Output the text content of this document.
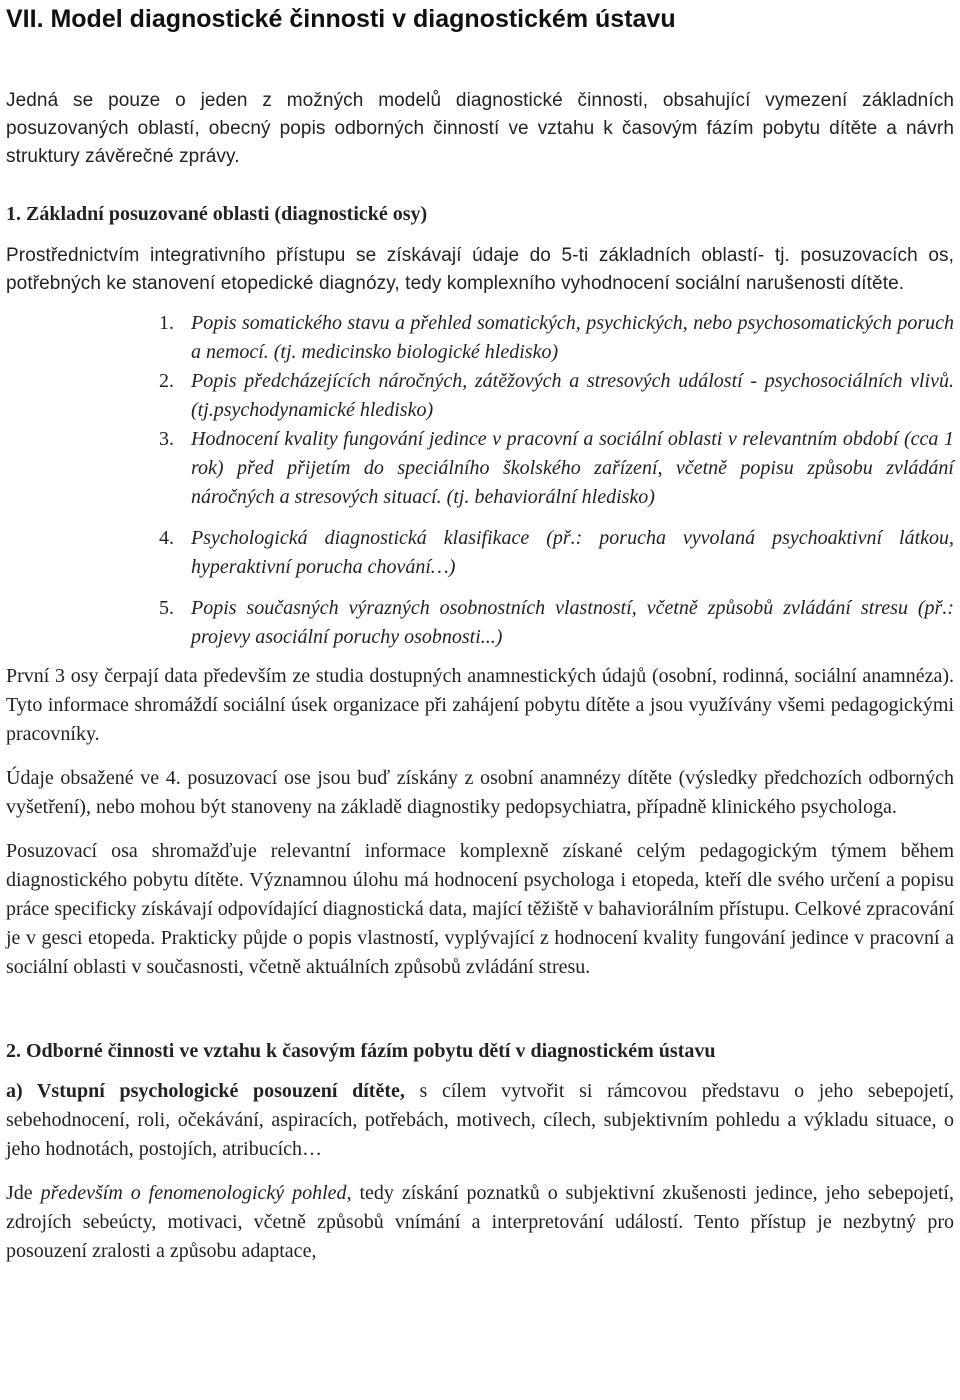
VII. Model diagnostické činnosti v diagnostickém ústavu

Jedná se pouze o jeden z možných modelů diagnostické činnosti, obsahující vymezení základních posuzovaných oblastí, obecný popis odborných činností ve vztahu k časovým fázím pobytu dítěte a návrh struktury závěrečné zprávy.

1. Základní posuzované oblasti (diagnostické osy)

Prostřednictvím integrativního přístupu se získávají údaje do 5-ti základních oblastí- tj. posuzovacích os, potřebných ke stanovení etopedické diagnózy, tedy komplexního vyhodnocení sociální narušenosti dítěte.

1. Popis somatického stavu a přehled somatických, psychických, nebo psychosomatických poruch a nemocí. (tj. medicinsko biologické hledisko)
2. Popis předcházejících náročných, zátěžových a stresových událostí - psychosociálních vlivů. (tj.psychodynamické hledisko)
3. Hodnocení kvality fungování jedince v pracovní a sociální oblasti v relevantním období (cca 1 rok) před přijetím do speciálního školského zařízení, včetně popisu způsobu zvládání náročných a stresových situací. (tj. behaviorální hledisko)
4. Psychologická diagnostická klasifikace (př.: porucha vyvolaná psychoaktivní látkou, hyperaktivní porucha chování…)
5. Popis současných výrazných osobnostních vlastností, včetně způsobů zvládání stresu (př.: projevy asociální poruchy osobnosti...)

První 3 osy čerpají data především ze studia dostupných anamnestických údajů (osobní, rodinná, sociální anamnéza). Tyto informace shromáždí sociální úsek organizace při zahájení pobytu dítěte a jsou využívány všemi pedagogickými pracovníky.

Údaje obsažené ve 4. posuzovací ose jsou buď získány z osobní anamnézy dítěte (výsledky předchozích odborných vyšetření), nebo mohou být stanoveny na základě diagnostiky pedopsychiatra, případně klinického psychologa.

Posuzovací osa shromažďuje relevantní informace komplexně získané celým pedagogickým týmem během diagnostického pobytu dítěte. Významnou úlohu má hodnocení psychologa i etopeda, kteří dle svého určení a popisu práce specificky získávají odpovídající diagnostická data, mající těžiště v bahaviorálním přístupu. Celkové zpracování je v gesci etopeda. Prakticky půjde o popis vlastností, vyplývající z hodnocení kvality fungování jedince v pracovní a sociální oblasti v současnosti, včetně aktuálních způsobů zvládání stresu.

2. Odborné činnosti ve vztahu k časovým fázím pobytu dětí v diagnostickém ústavu

a) Vstupní psychologické posouzení dítěte, s cílem vytvořit si rámcovou představu o jeho sebepojetí, sebehodnocení, roli, očekávání, aspiracích, potřebách, motivech, cílech, subjektivním pohledu a výkladu situace, o jeho hodnotách, postojích, atribucích…

Jde především o fenomenologický pohled, tedy získání poznatků o subjektivní zkušenosti jedince, jeho sebepojetí, zdrojích sebeúcty, motivaci, včetně způsobů vnímání a interpretování událostí. Tento přístup je nezbytný pro posouzení zralosti a způsobu adaptace,
